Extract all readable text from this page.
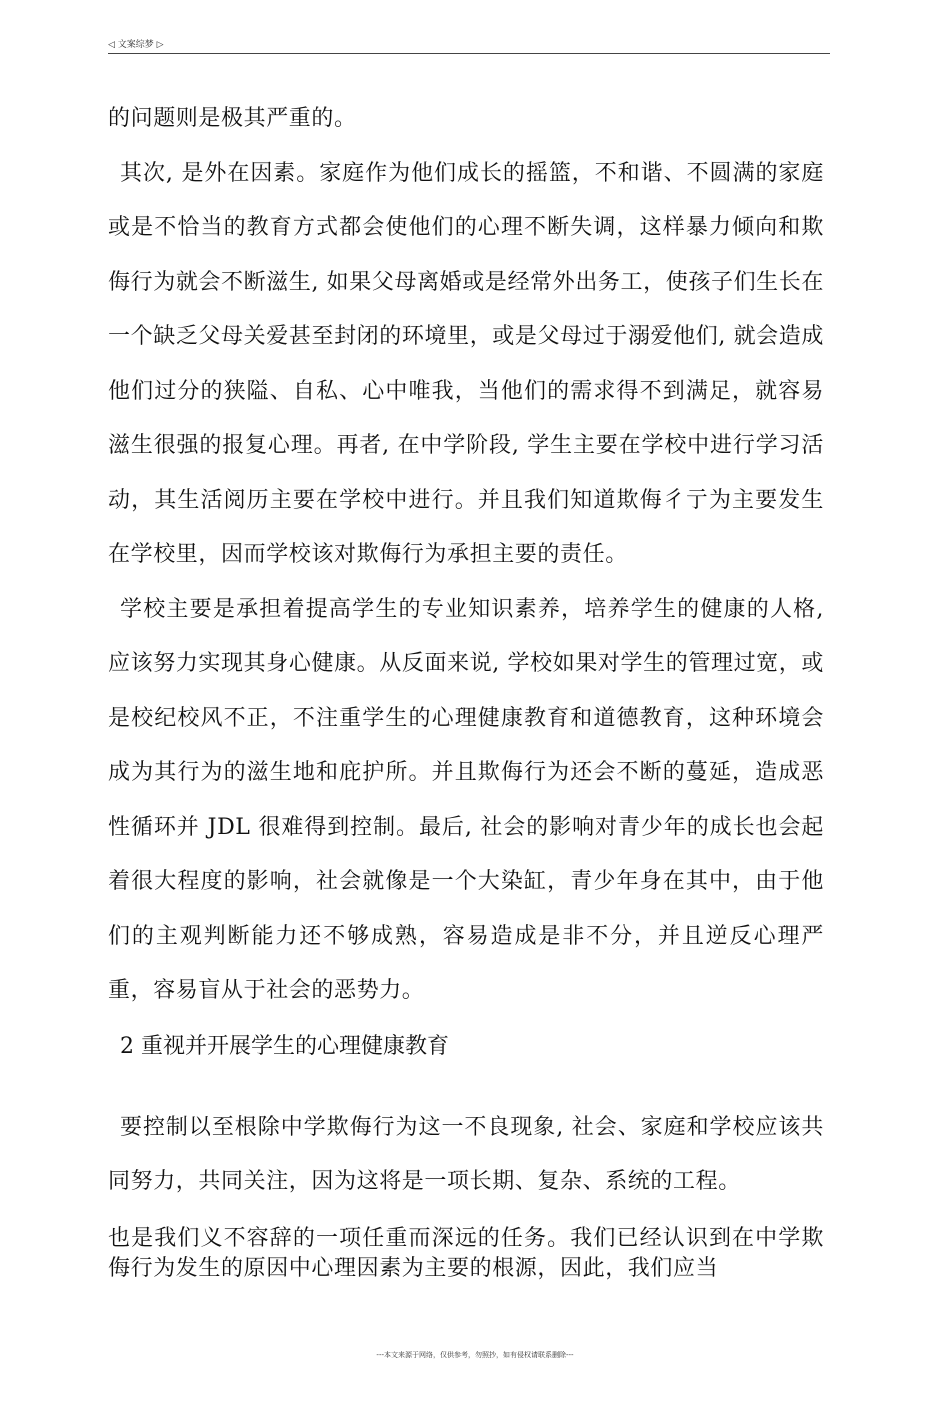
◁ 文案综梦 ▷

的问题则是极其严重的。

其次, 是外在因素。家庭作为他们成长的摇篮，不和谐、不圆满的家庭或是不恰当的教育方式都会使他们的心理不断失调，这样暴力倾向和欺侮行为就会不断滋生, 如果父母离婚或是经常外出务工，使孩子们生长在一个缺乏父母关爱甚至封闭的环境里，或是父母过于溺爱他们, 就会造成他们过分的狭隘、自私、心中唯我，当他们的需求得不到满足，就容易滋生很强的报复心理。再者, 在中学阶段, 学生主要在学校中进行学习活动，其生活阅历主要在学校中进行。并且我们知道欺侮彳亍为主要发生在学校里，因而学校该对欺侮行为承担主要的责任。

学校主要是承担着提高学生的专业知识素养，培养学生的健康的人格, 应该努力实现其身心健康。从反面来说, 学校如果对学生的管理过宽，或是校纪校风不正，不注重学生的心理健康教育和道德教育，这种环境会成为其行为的滋生地和庇护所。并且欺侮行为还会不断的蔓延，造成恶性循环并 JDL 很难得到控制。最后, 社会的影响对青少年的成长也会起着很大程度的影响，社会就像是一个大染缸，青少年身在其中，由于他们的主观判断能力还不够成熟，容易造成是非不分，并且逆反心理严重，容易盲从于社会的恶势力。

2 重视并开展学生的心理健康教育

要控制以至根除中学欺侮行为这一不良现象, 社会、家庭和学校应该共同努力，共同关注，因为这将是一项长期、复杂、系统的工程。

也是我们义不容辞的一项任重而深远的任务。我们已经认识到在中学欺侮行为发生的原因中心理因素为主要的根源，因此，我们应当

---本文来源于网络，仅供参考，勿照抄，如有侵权请联系删除---
